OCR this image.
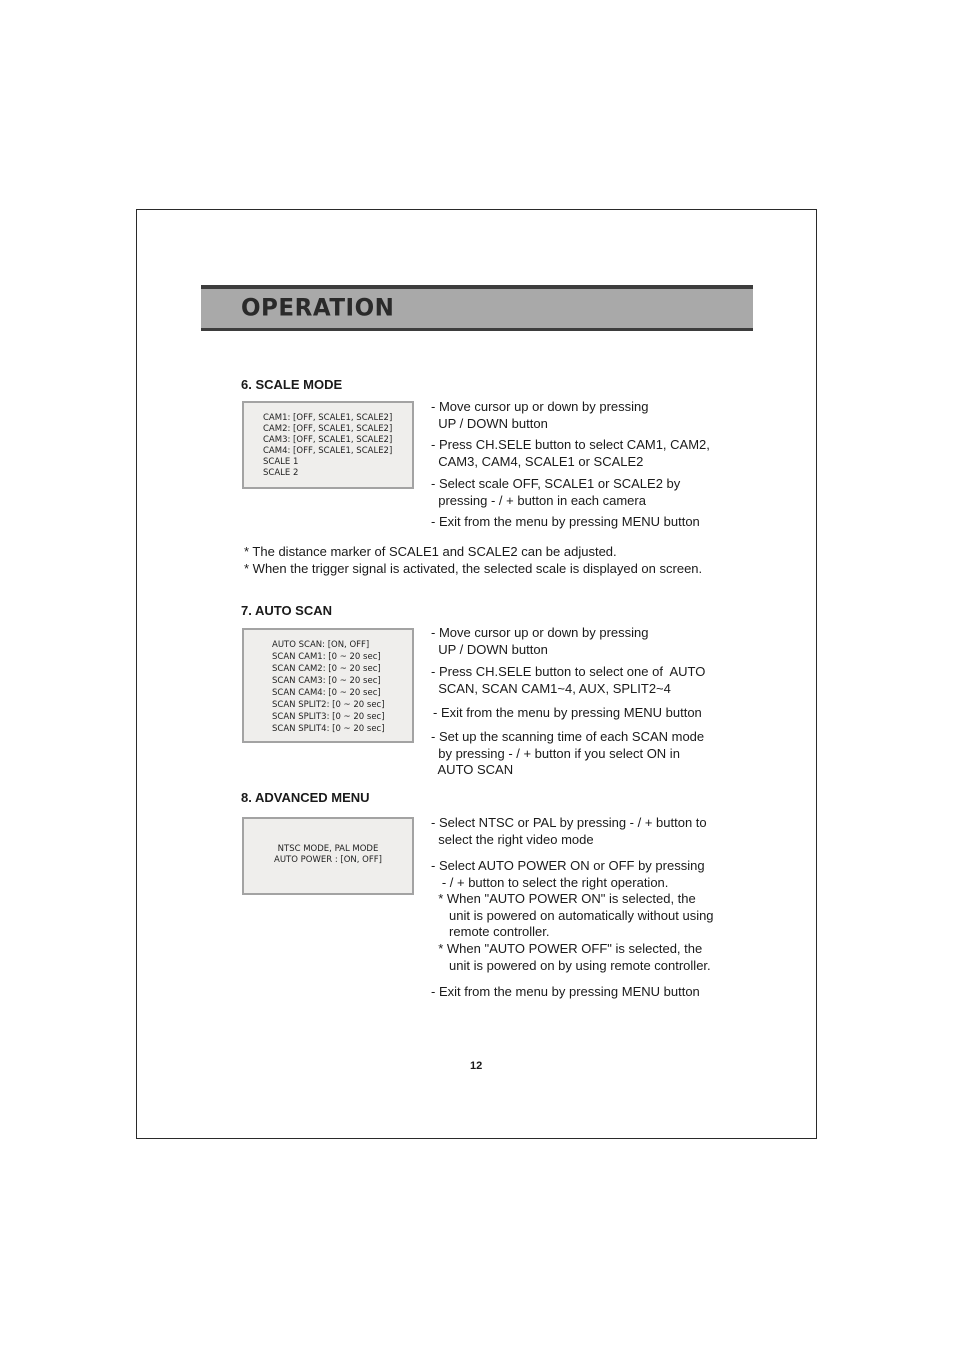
OPERATION
6. SCALE MODE
CAM1: [OFF, SCALE1, SCALE2]
CAM2: [OFF, SCALE1, SCALE2]
CAM3: [OFF, SCALE1, SCALE2]
CAM4: [OFF, SCALE1, SCALE2]
SCALE 1
SCALE 2
- Move cursor up or down by pressing
UP / DOWN button
- Press CH.SELE button to select CAM1, CAM2,
CAM3, CAM4, SCALE1 or SCALE2
- Select scale OFF, SCALE1 or SCALE2 by
pressing - / + button in each camera
- Exit from the menu by pressing MENU button
* The distance marker of SCALE1 and SCALE2 can be adjusted.
* When the trigger signal is activated, the selected scale is displayed on screen.
7. AUTO SCAN
AUTO SCAN: [ON, OFF]
SCAN CAM1: [0 ~ 20 sec]
SCAN CAM2: [0 ~ 20 sec]
SCAN CAM3: [0 ~ 20 sec]
SCAN CAM4: [0 ~ 20 sec]
SCAN SPLIT2: [0 ~ 20 sec]
SCAN SPLIT3: [0 ~ 20 sec]
SCAN SPLIT4: [0 ~ 20 sec]
- Move cursor up or down by pressing
UP / DOWN button
- Press CH.SELE button to select one of  AUTO
SCAN, SCAN CAM1~4, AUX, SPLIT2~4
- Exit from the menu by pressing MENU button
- Set up the scanning time of each SCAN mode
by pressing - / + button if you select ON in
AUTO SCAN
8. ADVANCED MENU
NTSC MODE, PAL MODE
AUTO POWER : [ON, OFF]
- Select NTSC or PAL by pressing - / + button to
select the right video mode
- Select AUTO POWER ON or OFF by pressing
- / + button to select the right operation.
* When "AUTO POWER ON" is selected, the
unit is powered on automatically without using
remote controller.
* When "AUTO POWER OFF" is selected, the
unit is powered on by using remote controller.
- Exit from the menu by pressing MENU button
12
